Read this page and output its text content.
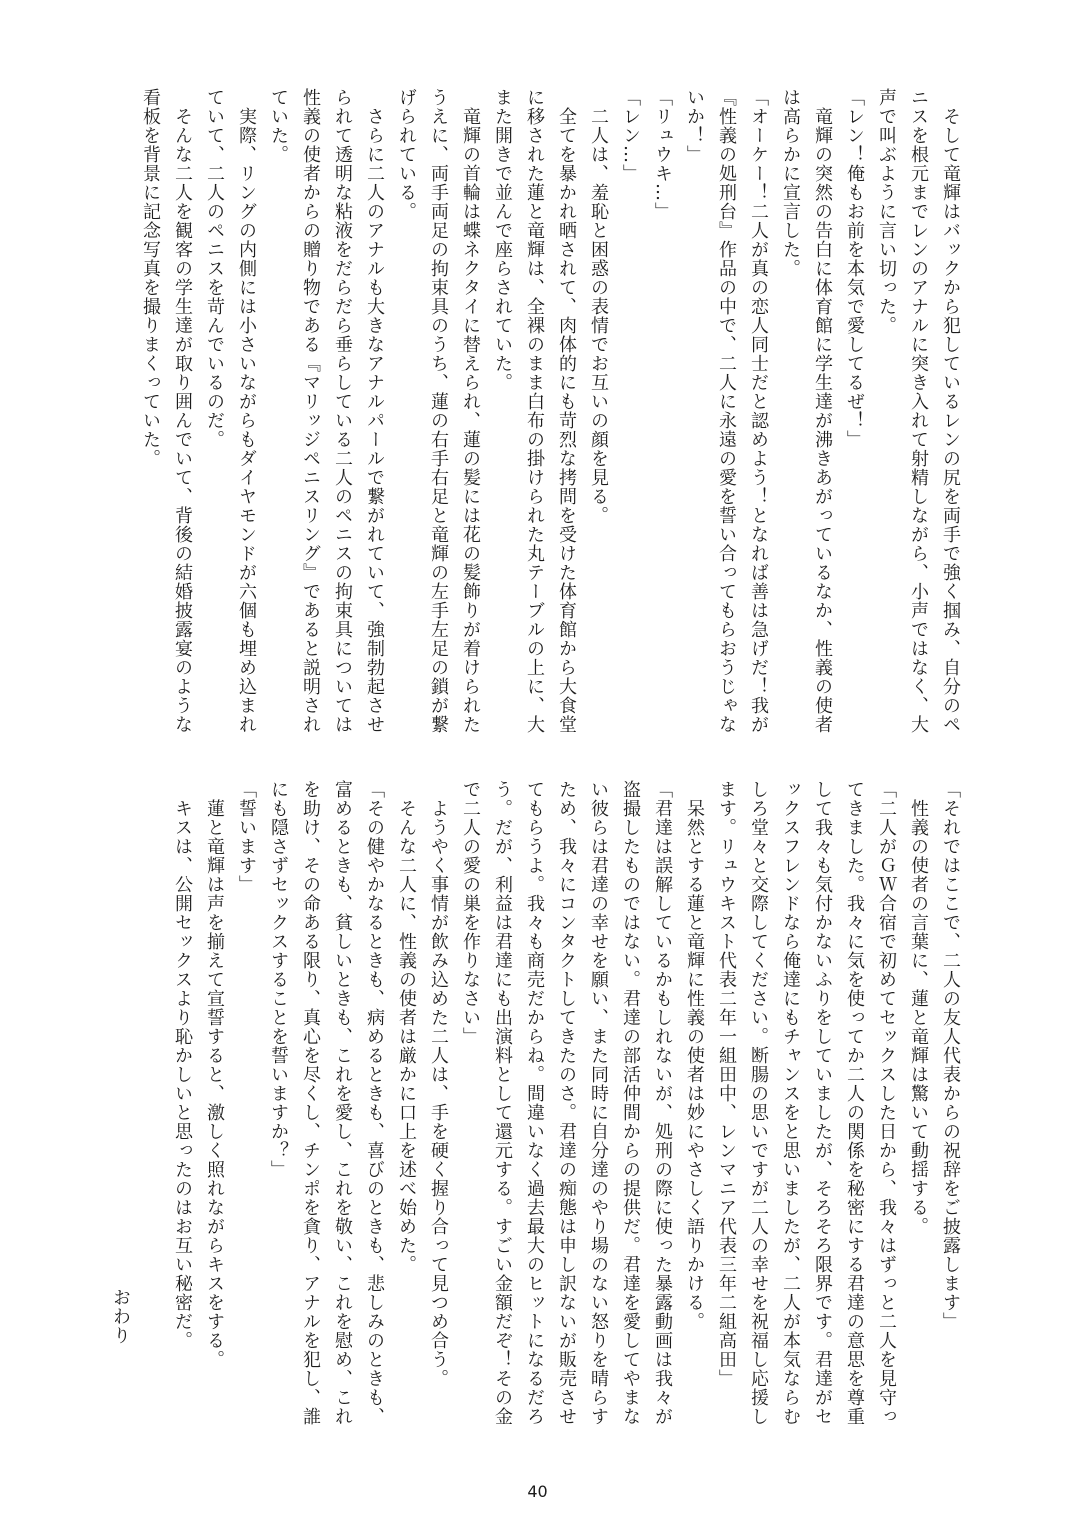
　そして竜輝はバックから犯しているレンの尻を両手で強く掴み、自分のペ
ニスを根元までレンのアナルに突き入れて射精しながら、小声ではなく、大
声で叫ぶように言い切った。
「レン！俺もお前を本気で愛してるぜ！」
　竜輝の突然の告白に体育館に学生達が沸きあがっているなか、性義の使者
は高らかに宣言した。
「オーケー！二人が真の恋人同士だと認めよう！となれば善は急げだ！我が
『性義の処刑台』作品の中で、二人に永遠の愛を誓い合ってもらおうじゃな
いか！」
「リュウキ…」
「レン…」
　二人は、羞恥と困惑の表情でお互いの顔を見る。
　全てを暴かれ晒されて、肉体的にも苛烈な拷問を受けた体育館から大食堂
に移された蓮と竜輝は、全裸のまま白布の掛けられた丸テーブルの上に、大
また開きで並んで座らされていた。
　竜輝の首輪は蝶ネクタイに替えられ、蓮の髪には花の髪飾りが着けられた
うえに、両手両足の拘束具のうち、蓮の右手右足と竜輝の左手左足の鎖が繋
げられている。
　さらに二人のアナルも大きなアナルパールで繋がれていて、強制勃起させ
られて透明な粘液をだらだら垂らしている二人のペニスの拘束具については
性義の使者からの贈り物である『マリッジペニスリング』であると説明され
ていた。
　実際、リングの内側には小さいながらもダイヤモンドが六個も埋め込まれ
ていて、二人のペニスを苛んでいるのだ。
　そんな二人を観客の学生達が取り囲んでいて、背後の結婚披露宴のような
看板を背景に記念写真を撮りまくっていた。
「それではここで、二人の友人代表からの祝辞をご披露します」
　性義の使者の言葉に、蓮と竜輝は驚いて動揺する。
「二人がＧＷ合宿で初めてセックスした日から、我々はずっと二人を見守っ
てきました。我々に気を使ってか二人の関係を秘密にする君達の意思を尊重
して我々も気付かないふりをしていましたが、そろそろ限界です。君達がセ
ックスフレンドなら俺達にもチャンスをと思いましたが、二人が本気ならむ
しろ堂々と交際してください。断腸の思いですが二人の幸せを祝福し応援し
ます。リュウキスト代表二年一組田中、レンマニア代表三年二組高田」
　呆然とする蓮と竜輝に性義の使者は妙にやさしく語りかける。
「君達は誤解しているかもしれないが、処刑の際に使った暴露動画は我々が
盗撮したものではない。君達の部活仲間からの提供だ。君達を愛してやまな
い彼らは君達の幸せを願い、また同時に自分達のやり場のない怒りを晴らす
ため、我々にコンタクトしてきたのさ。君達の痴態は申し訳ないが販売させ
てもらうよ。我々も商売だからね。間違いなく過去最大のヒットになるだろ
う。だが、利益は君達にも出演料として還元する。すごい金額だぞ！その金
で二人の愛の巣を作りなさい」
　ようやく事情が飲み込めた二人は、手を硬く握り合って見つめ合う。
　そんな二人に、性義の使者は厳かに口上を述べ始めた。
「その健やかなるときも、病めるときも、喜びのときも、悲しみのときも、
富めるときも、貧しいときも、これを愛し、これを敬い、これを慰め、これ
を助け、その命ある限り、真心を尽くし、チンポを貪り、アナルを犯し、誰
にも隠さずセックスすることを誓いますか？」
「誓います」
　蓮と竜輝は声を揃えて宣誓すると、激しく照れながらキスをする。
　キスは、公開セックスより恥かしいと思ったのはお互い秘密だ。
おわり
40
